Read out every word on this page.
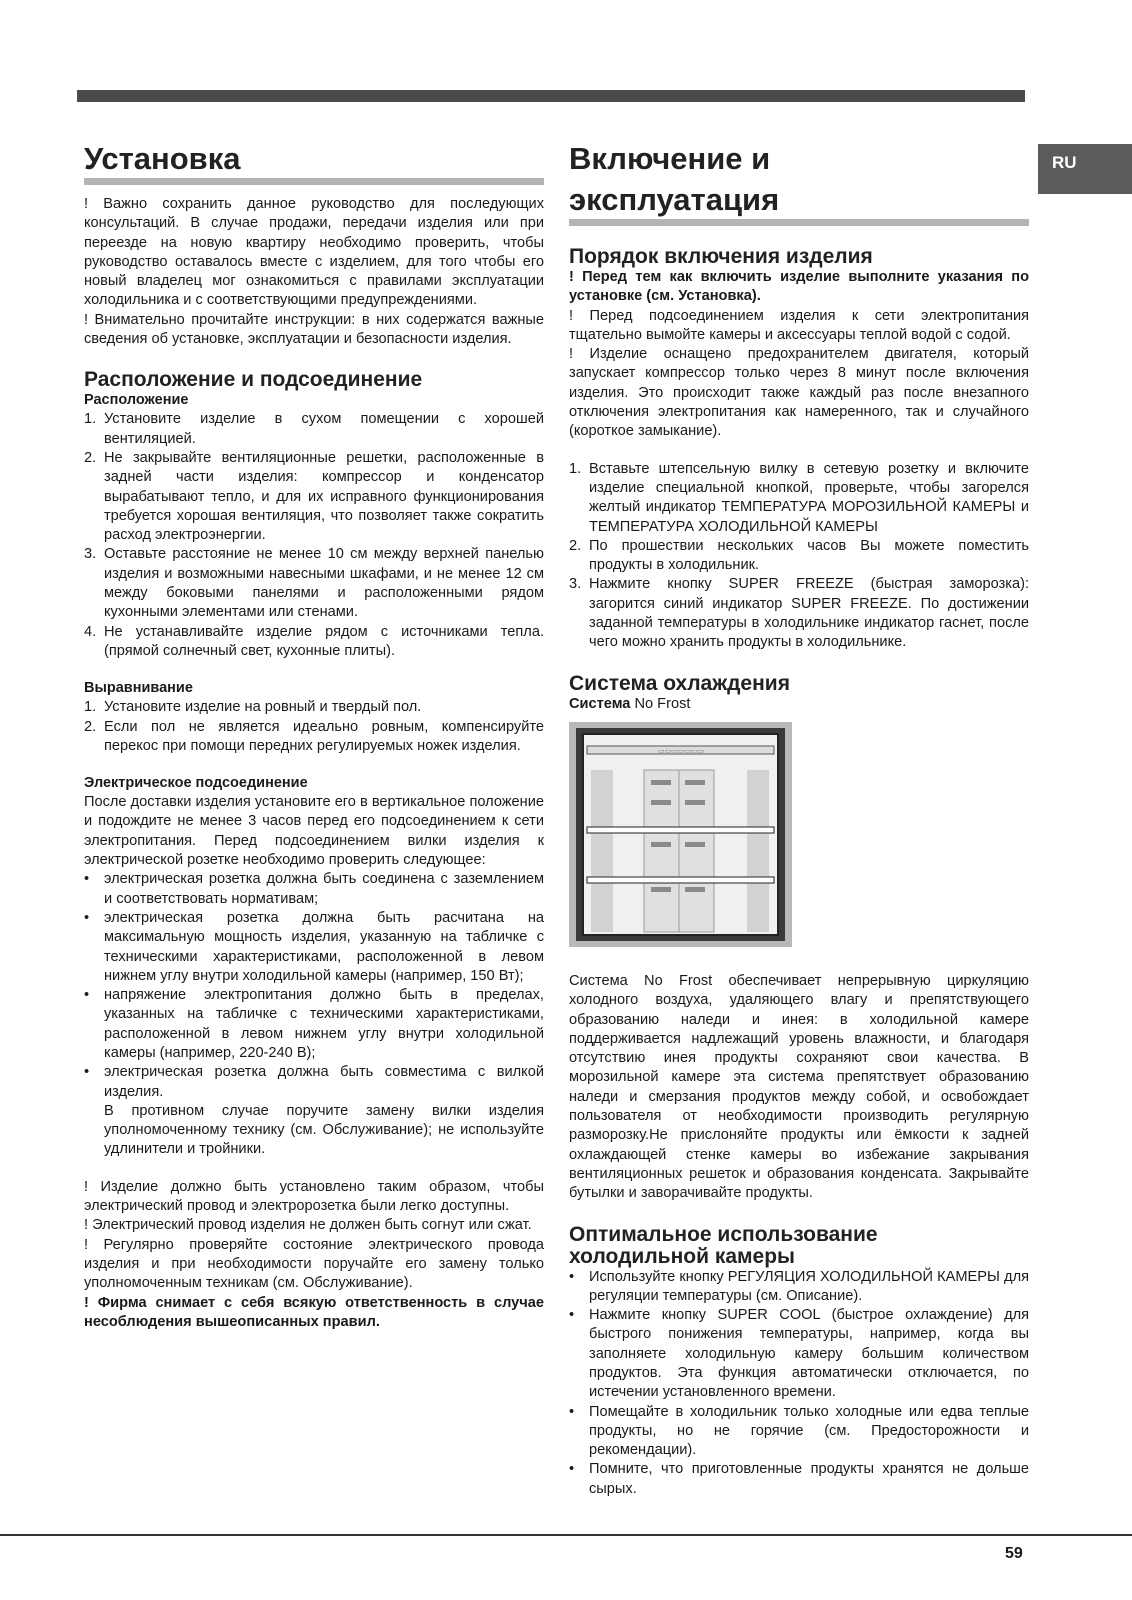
RU
Установка

! Важно сохранить данное руководство для последующих консультаций. В случае продажи, передачи изделия или при переезде на новую квартиру необходимо проверить, чтобы руководство оставалось вместе с изделием, для того чтобы его новый владелец мог ознакомиться с правилами эксплуатации холодильника и с соответствующими предупреждениями.

! Внимательно прочитайте инструкции: в них содержатся важные сведения об установке, эксплуатации и безопасности изделия.

Расположение и подсоединение
Расположение
1. Установите изделие в сухом помещении с хорошей вентиляцией.
2. Не закрывайте вентиляционные решетки, расположенные в задней части изделия: компрессор и конденсатор вырабатывают тепло, и для их исправного функционирования требуется хорошая вентиляция, что позволяет также сократить расход электроэнергии.
3. Оставьте расстояние не менее 10 см между верхней панелью изделия и возможными навесными шкафами, и не менее 12 см между боковыми панелями и расположенными рядом кухонными элементами или стенами.
4. Не устанавливайте изделие рядом с источниками тепла. (прямой солнечный свет, кухонные плиты).
Выравнивание
1. Установите изделие на ровный и твердый пол.
2. Если пол не является идеально ровным, компенсируйте перекос при помощи передних регулируемых ножек изделия.
Электрическое подсоединение

После доставки изделия установите его в вертикальное положение и подождите не менее 3 часов перед его подсоединением к сети электропитания. Перед подсоединением вилки изделия к электрической розетке необходимо проверить следующее:

• электрическая розетка должна быть соединена с заземлением и соответствовать нормативам;
• электрическая розетка должна быть расчитана на максимальную мощность изделия, указанную на табличке с техническими характеристиками, расположенной в левом нижнем углу внутри холодильной камеры (например, 150 Вт);
• напряжение электропитания должно быть в пределах, указанных на табличке с техническими характеристиками, расположенной в левом нижнем углу внутри холодильной камеры (например, 220-240 В);
• электрическая розетка должна быть совместима с вилкой изделия.
В противном случае поручите замену вилки изделия уполномоченному технику (см. Обслуживание); не используйте удлинители и тройники.

! Изделие должно быть установлено таким образом, чтобы электрический провод и электророзетка были легко доступны.

! Электрический провод изделия не должен быть согнут или сжат.

! Регулярно проверяйте состояние электрического провода изделия и при необходимости поручайте его замену только уполномоченным техникам (см. Обслуживание).

! Фирма снимает с себя всякую ответственность в случае несоблюдения вышеописанных правил.

Включение и
эксплуатация
Порядок включения изделия

! Перед тем как включить изделие выполните указания по установке (см. Установка).

! Перед подсоединением изделия к сети электропитания тщательно вымойте камеры и аксессуары теплой водой с содой.

! Изделие оснащено предохранителем двигателя, который запускает компрессор только через 8 минут после включения изделия. Это происходит также каждый раз после внезапного отключения электропитания как намеренного, так и случайного (короткое замыкание).

1. Вставьте штепсельную вилку в сетевую розетку и включите изделие специальной кнопкой, проверьте, чтобы загорелся желтый индикатор ТЕМПЕРАТУРА МОРОЗИЛЬНОЙ КАМЕРЫ и ТЕМПЕРАТУРА ХОЛОДИЛЬНОЙ КАМЕРЫ
2. По прошествии нескольких часов Вы можете поместить продукты в холодильник.
3. Нажмите кнопку SUPER FREEZE (быстрая заморозка): загорится синий индикатор SUPER FREEZE. По достижении заданной температуры в холодильнике индикатор гаснет, после чего можно хранить продукты в холодильнике.
Система охлаждения

Система No Frost

▭▭▭▭▭▭▭

Система No Frost обеспечивает непрерывную циркуляцию холодного воздуха, удаляющего влагу и препятствующего образованию наледи и инея: в холодильной камере поддерживается надлежащий уровень влажности, и благодаря отсутствию инея продукты сохраняют свои качества. В морозильной камере эта система препятствует образованию наледи и смерзания продуктов между собой, и освобождает пользователя от необходимости производить регулярную разморозку.Не прислоняйте продукты или ёмкости к задней охлаждающей стенке камеры во избежание закрывания вентиляционных решеток и образования конденсата. Закрывайте бутылки и заворачивайте продукты.

Оптимальное использование
холодильной камеры
• Используйте кнопку РЕГУЛЯЦИЯ ХОЛОДИЛЬНОЙ КАМЕРЫ для регуляции температуры (см. Описание).
• Нажмите кнопку SUPER COOL (быстрое охлаждение) для быстрого понижения температуры, например, когда вы заполняете холодильную камеру большим количеством продуктов. Эта функция автоматически отключается, по истечении установленного времени.
• Помещайте в холодильник только холодные или едва теплые продукты, но не горячие (см. Предосторожности и рекомендации).
• Помните, что приготовленные продукты хранятся не дольше сырых.
59
